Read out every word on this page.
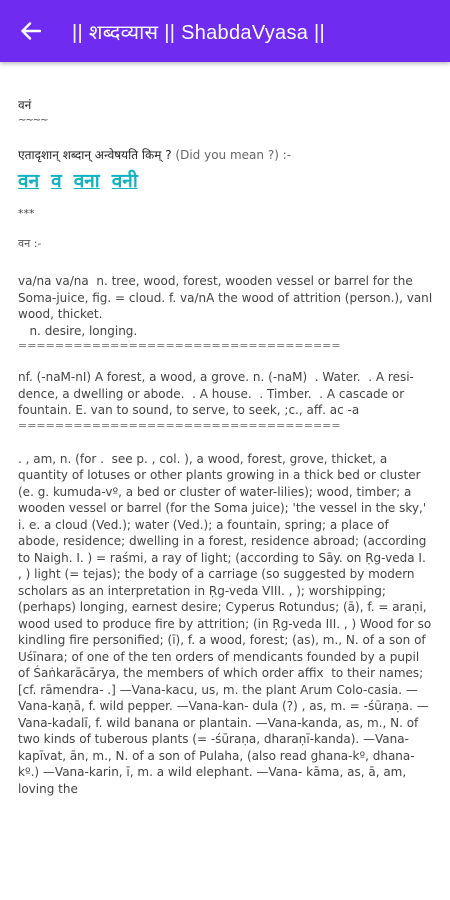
|| शब्दव्यास || ShabdaVyasa ||
वनं
~~~~
एतादृशान् शब्दान् अन्वेषयति किम् ? (Did you mean ?) :-
वन व वना वनी
***
वन :-
va/na va/na  n. tree, wood, forest, wooden vessel or barrel for the Soma-juice, fig. = cloud. f. va/nA the wood of attrition (person.), vanI wood, thicket.
n. desire, longing.
===================================
nf. (-naM-nI) A forest, a wood, a grove. n. (-naM)  . Water.  . A resi- dence, a dwelling or abode.  . A house.  . Timber.  . A cascade or fountain. E. van to sound, to serve, to seek, ;c., aff. ac -a
===================================
. , am, n. (for .  see p. , col. ), a wood, forest, grove, thicket, a quantity of lotuses or other plants growing in a thick bed or cluster (e. g. kumuda-vº, a bed or cluster of water-lilies); wood, timber; a wooden vessel or barrel (for the Soma juice); 'the vessel in the sky,' i. e. a cloud (Ved.); water (Ved.); a fountain, spring; a place of abode, residence; dwelling in a forest, residence abroad; (according to Naigh. I. ) = raśmi, a ray of light; (according to Sāy. on Ṛg-veda I. , ) light (= tejas); the body of a carriage (so suggested by modern scholars as an interpretation in Ṛg-veda VIII. , ); worshipping; (perhaps) longing, earnest desire; Cyperus Rotundus; (ā), f. = araṇi, wood used to produce fire by attrition; (in Ṛg-veda III. , ) Wood for so kindling fire personified; (ī), f. a wood, forest; (as), m., N. of a son of Uśīnara; of one of the ten orders of mendicants founded by a pupil of Śaṅkarācārya, the members of which order affix  to their names; [cf. rāmendra- .] —Vana-kacu, us, m. the plant Arum Colo-casia. —Vana-kaṇā, f. wild pepper. —Vana-kan- dula (?) , as, m. = -śūraṇa. —Vana-kadalī, f. wild banana or plantain. —Vana-kanda, as, m., N. of two kinds of tuberous plants (= -śūraṇa, dharaṇī-kanda). —Vana-kapīvat, ān, m., N. of a son of Pulaha, (also read ghana-kº, dhana-kº.) —Vana-karin, ī, m. a wild elephant. —Vana- kāma, as, ā, am, loving the
